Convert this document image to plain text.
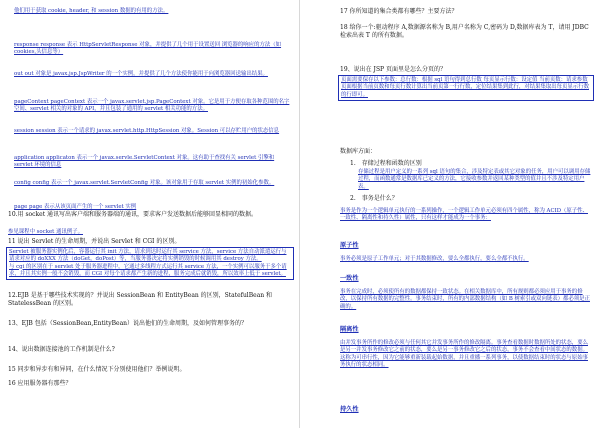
他们用于获取 cookie, header, 和 session 数据的有用的方法。

response response 表示 HttpServletResponse 对象，并提供了几个用于设置送回 浏览器的响应的方法（如 cookies,头信息等）

out out 对象是 javax.jsp.JspWriter 的一个实例，并提供了几个方法使你能用于向浏览器回送输出结果。

pageContext pageContext 表示一个 javax.servlet.jsp.PageContext 对象。它是用于方便存取各种范围的名字空间、servlet 相关的对象的 API，并且包装了通用的 servlet 相关功能的方法。

session session 表示一个请求的 javax.servlet.http.HttpSession 对象。Session 可以存贮用户的状态信息

application applicaton 表示一个 javax.servle.ServletContext 对象。这有助于查找有关 servlet 引擎和 servlet 环境的信息

config config 表示一个 javax.servlet.ServletConfig 对象。该对象用于存取 servlet 实例的初始化参数。

page page 表示从该页面产生的一个 servlet 实例

10.用 socket 通讯写出客户端和服务器端的通讯，要求客户发送数据后能够回显相同的数据。

参见课程中 socket 通讯例子。

11 说出 Servlet 的生命周期，并说出 Servlet 和 CGI 的区别。

Servlet 被服务器实例化后，容器运行其 init 方法，请求到达时运行其 service 方法，service 方法自动派遣运行与请求对应的 doXXX 方法（doGet，doPost）等，当服务器决定将实例销毁的时候调用其 destroy 方法。

与 cgi 的区别在于 servlet 处于服务器进程中，它通过多线程方式运行其 service 方法，一个实例可以服务于多个请求，并且其实例一般不会销毁，而 CGI 对每个请求都产生新的进程，服务完成后就销毁，所以效率上低于 servlet。

12.EJB 是基于哪些技术实现的？并说出 SessionBean 和 EntityBean 的区别，StatefulBean 和 StatelessBean 的区别。

13、EJB 包括（SessionBean,EntityBean）说出他们的生命周期，及如何管理事务的？

14、说出数据连接池的工作机制是什么?

15 同步和异步有和异同，在什么情况下分别使用他们？举例说明。

16 应用服务器有那些？

17 你所知道的集合类都有哪些？主要方法？

18 给你一个:驱动程序 A,数据源名称为 B,用户名称为 C,密码为 D,数据库表为 T，请用 JDBC 检索出表 T 的所有数据。

19、说出在 JSP 页面里是怎么分页的？

页面需要保存以下参数：总行数：根据 sql 语句得到总行数 每页显示行数：设定值 当前页数：请求参数 页面根据当前页数和每页行数计算出当前页第一行行数，定位结果集到此行，对结果集取出每页显示行数的行即可。

数据库方面：

1.　存储过程和函数的区别

存储过程是用户定义的一系列 sql 语句的集合，涉及特定表或其它对象的任务，用户可以调用存储过程，而函数通常是数据库已定义的方法，它接收参数并返回某种类型的值并且不涉及特定用户表。

2.　事务是什么？

事务是作为一个逻辑单元执行的一系列操作，一个逻辑工作单元必须有四个属性，称为 ACID（原子性、一致性、隔离性和持久性）属性，只有这样才能成为一个事务：

原子性

事务必须是原子工作单元；对于其数据修改，要么全都执行，要么全都不执行。

一致性

事务在完成时，必须使所有的数据都保持一致状态。在相关数据库中，所有规则都必须应用于事务的修改，以保持所有数据的完整性。事务结束时，所有的内部数据结构（如 B 树索引或双向链表）都必须是正确的。

隔离性

由并发事务所作的修改必须与任何其它并发事务所作的修改隔离。事务查看数据时数据所处的状态，要么是另一并发事务修改它之前的状态，要么是另一事务修改它之后的状态，事务不会查看中间状态的数据。这称为可串行性，因为它能够重新装载起始数据，并且重播一系列事务，以使数据结束时的状态与原始事务执行的状态相同。

持久性
